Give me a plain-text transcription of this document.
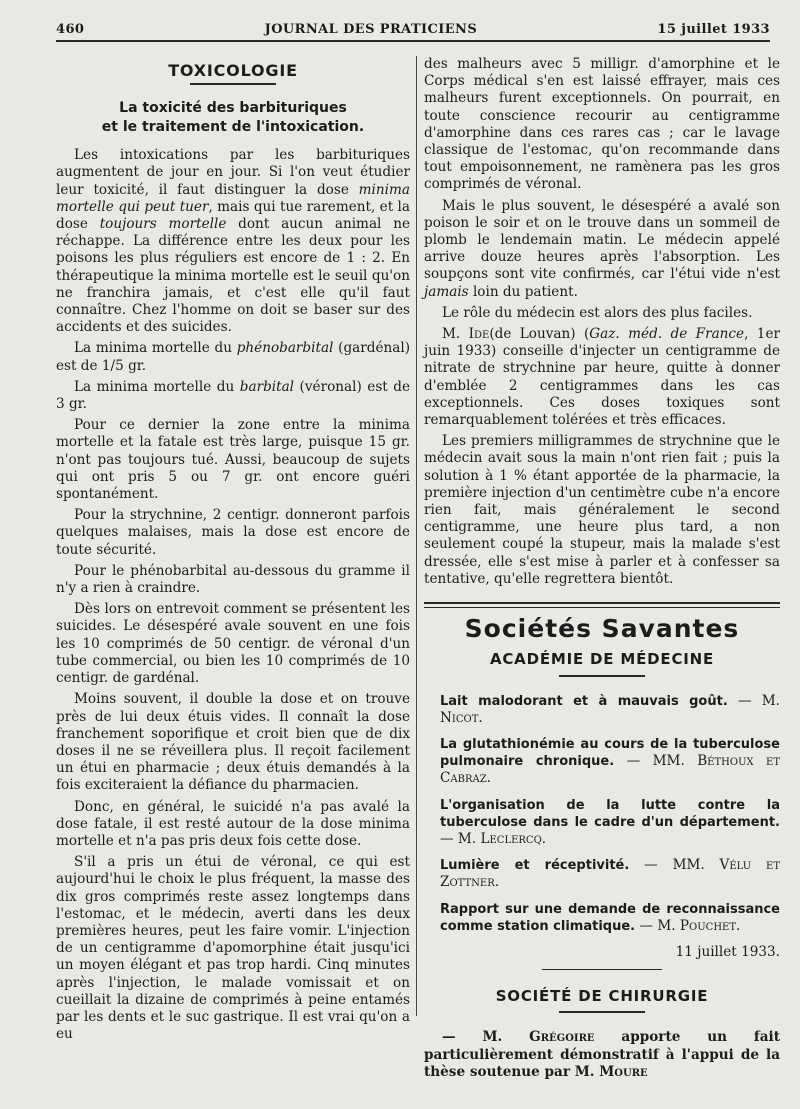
460	JOURNAL DES PRATICIENS	15 juillet 1933
TOXICOLOGIE
La toxicité des barbituriques
et le traitement de l'intoxication.

Les intoxications par les barbituriques augmentent de jour en jour. Si l'on veut étudier leur toxicité, il faut distinguer la dose minima mortelle qui peut tuer, mais qui tue rarement, et la dose toujours mortelle dont aucun animal ne réchappe. La différence entre les deux pour les poisons les plus réguliers est encore de 1 : 2. En thérapeutique la minima mortelle est le seuil qu'on ne franchira jamais, et c'est elle qu'il faut connaître. Chez l'homme on doit se baser sur des accidents et des suicides.

La minima mortelle du phénobarbital (gardénal) est de 1/5 gr.

La minima mortelle du barbital (véronal) est de 3 gr.

Pour ce dernier la zone entre la minima mortelle et la fatale est très large, puisque 15 gr. n'ont pas toujours tué. Aussi, beaucoup de sujets qui ont pris 5 ou 7 gr. ont encore guéri spontanément.

Pour la strychnine, 2 centigr. donneront parfois quelques malaises, mais la dose est encore de toute sécurité.

Pour le phénobarbital au-dessous du gramme il n'y a rien à craindre.

Dès lors on entrevoit comment se présentent les suicides. Le désespéré avale souvent en une fois les 10 comprimés de 50 centigr. de véronal d'un tube commercial, ou bien les 10 comprimés de 10 centigr. de gardénal.

Moins souvent, il double la dose et on trouve près de lui deux étuis vides. Il connaît la dose franchement soporifique et croit bien que de dix doses il ne se réveillera plus. Il reçoit facilement un étui en pharmacie ; deux étuis demandés à la fois exciteraient la défiance du pharmacien.

Donc, en général, le suicidé n'a pas avalé la dose fatale, il est resté autour de la dose minima mortelle et n'a pas pris deux fois cette dose.

S'il a pris un étui de véronal, ce qui est aujourd'hui le choix le plus fréquent, la masse des dix gros comprimés reste assez longtemps dans l'estomac, et le médecin, averti dans les deux premières heures, peut les faire vomir. L'injection de un centigramme d'apomorphine était jusqu'ici un moyen élégant et pas trop hardi. Cinq minutes après l'injection, le malade vomissait et on cueillait la dizaine de comprimés à peine entamés par les dents et le suc gastrique. Il est vrai qu'on a eu

des malheurs avec 5 milligr. d'amorphine et le Corps médical s'en est laissé effrayer, mais ces malheurs furent exceptionnels. On pourrait, en toute conscience recourir au centigramme d'amorphine dans ces rares cas ; car le lavage classique de l'estomac, qu'on recommande dans tout empoisonnement, ne ramènera pas les gros comprimés de véronal.

Mais le plus souvent, le désespéré a avalé son poison le soir et on le trouve dans un sommeil de plomb le lendemain matin. Le médecin appelé arrive douze heures après l'absorption. Les soupçons sont vite confirmés, car l'étui vide n'est jamais loin du patient.

Le rôle du médecin est alors des plus faciles.

M. Ide(de Louvan) (Gaz. méd. de France, 1er juin 1933) conseille d'injecter un centigramme de nitrate de strychnine par heure, quitte à donner d'emblée 2 centigrammes dans les cas exceptionnels. Ces doses toxiques sont remarquablement tolérées et très efficaces.

Les premiers milligrammes de strychnine que le médecin avait sous la main n'ont rien fait ; puis la solution à 1 % étant apportée de la pharmacie, la première injection d'un centimètre cube n'a encore rien fait, mais généralement le second centigramme, une heure plus tard, a non seulement coupé la stupeur, mais la malade s'est dressée, elle s'est mise à parler et à confesser sa tentative, qu'elle regrettera bientôt.

Sociétés Savantes
ACADÉMIE DE MÉDECINE

Lait malodorant et à mauvais goût. — M. Nicot.

La glutathionémie au cours de la tuberculose pulmonaire chronique. — MM. Béthoux et Cabraz.

L'organisation de la lutte contre la tuberculose dans le cadre d'un département. — M. Leclercq.

Lumière et réceptivité. — MM. Vélu et Zottner.

Rapport sur une demande de reconnaissance comme station climatique. — M. Pouchet.

11 juillet 1933.

SOCIÉTÉ DE CHIRURGIE

— M. Grégoire apporte un fait particulièrement démonstratif à l'appui de la thèse soutenue par M. Moure
